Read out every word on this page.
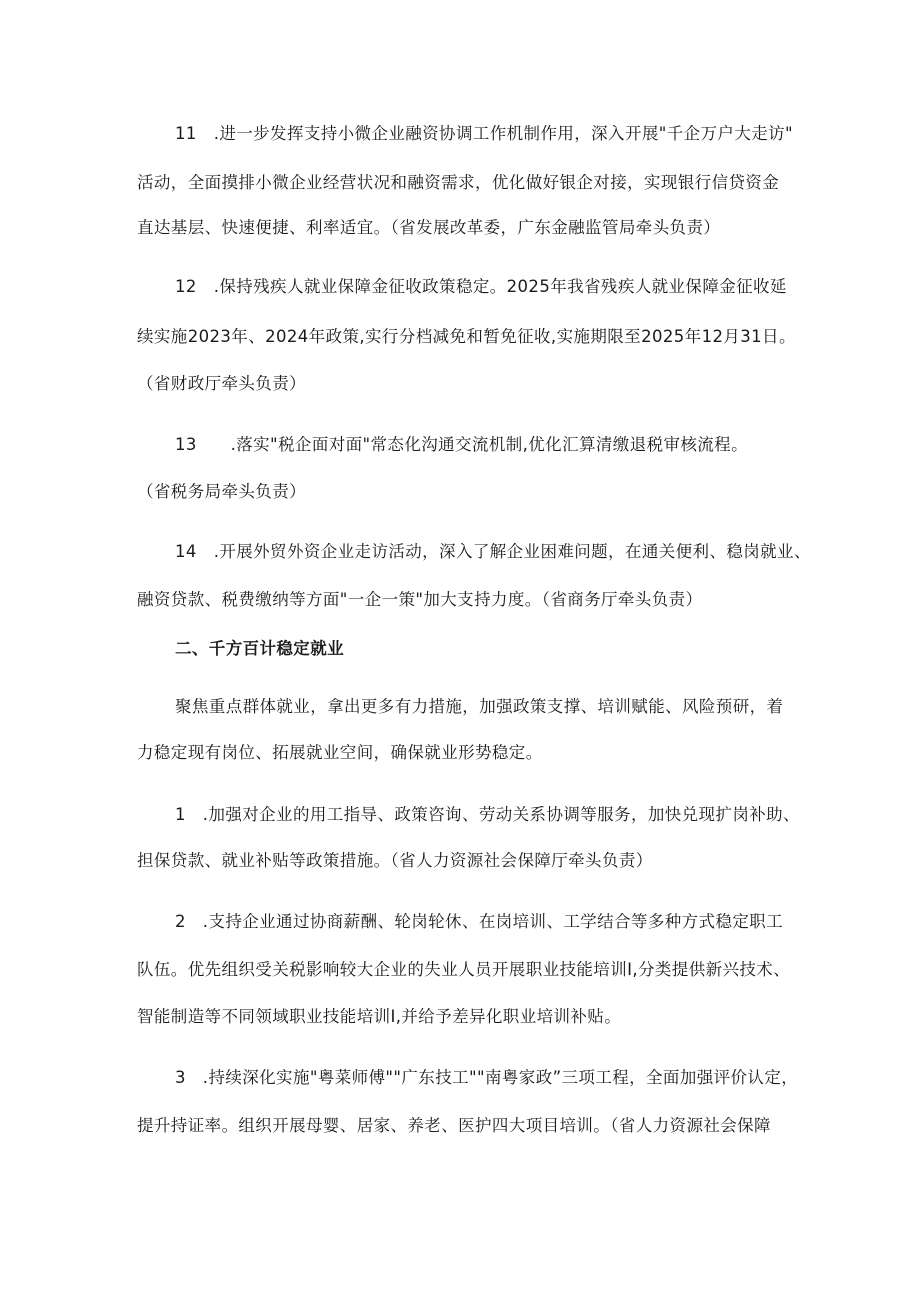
11　.进一步发挥支持小微企业融资协调工作机制作用，深入开展"千企万户大走访"
活动，全面摸排小微企业经营状况和融资需求，优化做好银企对接，实现银行信贷资金
直达基层、快速便捷、利率适宜。（省发展改革委，广东金融监管局牵头负责）
12　.保持残疾人就业保障金征收政策稳定。2025年我省残疾人就业保障金征收延
续实施2023年、2024年政策,实行分档减免和暂免征收,实施期限至2025年12月31日。
（省财政厅牵头负责）
13　　.落实"税企面对面"常态化沟通交流机制,优化汇算清缴退税审核流程。
（省税务局牵头负责）
14　.开展外贸外资企业走访活动，深入了解企业困难问题，在通关便利、稳岗就业、
融资贷款、税费缴纳等方面"一企一策"加大支持力度。（省商务厅牵头负责）
二、千方百计稳定就业
聚焦重点群体就业，拿出更多有力措施，加强政策支撑、培训赋能、风险预研，着
力稳定现有岗位、拓展就业空间，确保就业形势稳定。
1　.加强对企业的用工指导、政策咨询、劳动关系协调等服务，加快兑现扩岗补助、
担保贷款、就业补贴等政策措施。（省人力资源社会保障厅牵头负责）
2　.支持企业通过协商薪酬、轮岗轮休、在岗培训、工学结合等多种方式稳定职工
队伍。优先组织受关税影响较大企业的失业人员开展职业技能培训I,分类提供新兴技术、
智能制造等不同领域职业技能培训I,并给予差异化职业培训补贴。
3　.持续深化实施"粤菜师傅""广东技工""南粤家政”三项工程，全面加强评价认定，
提升持证率。组织开展母婴、居家、养老、医护四大项目培训。（省人力资源社会保障
